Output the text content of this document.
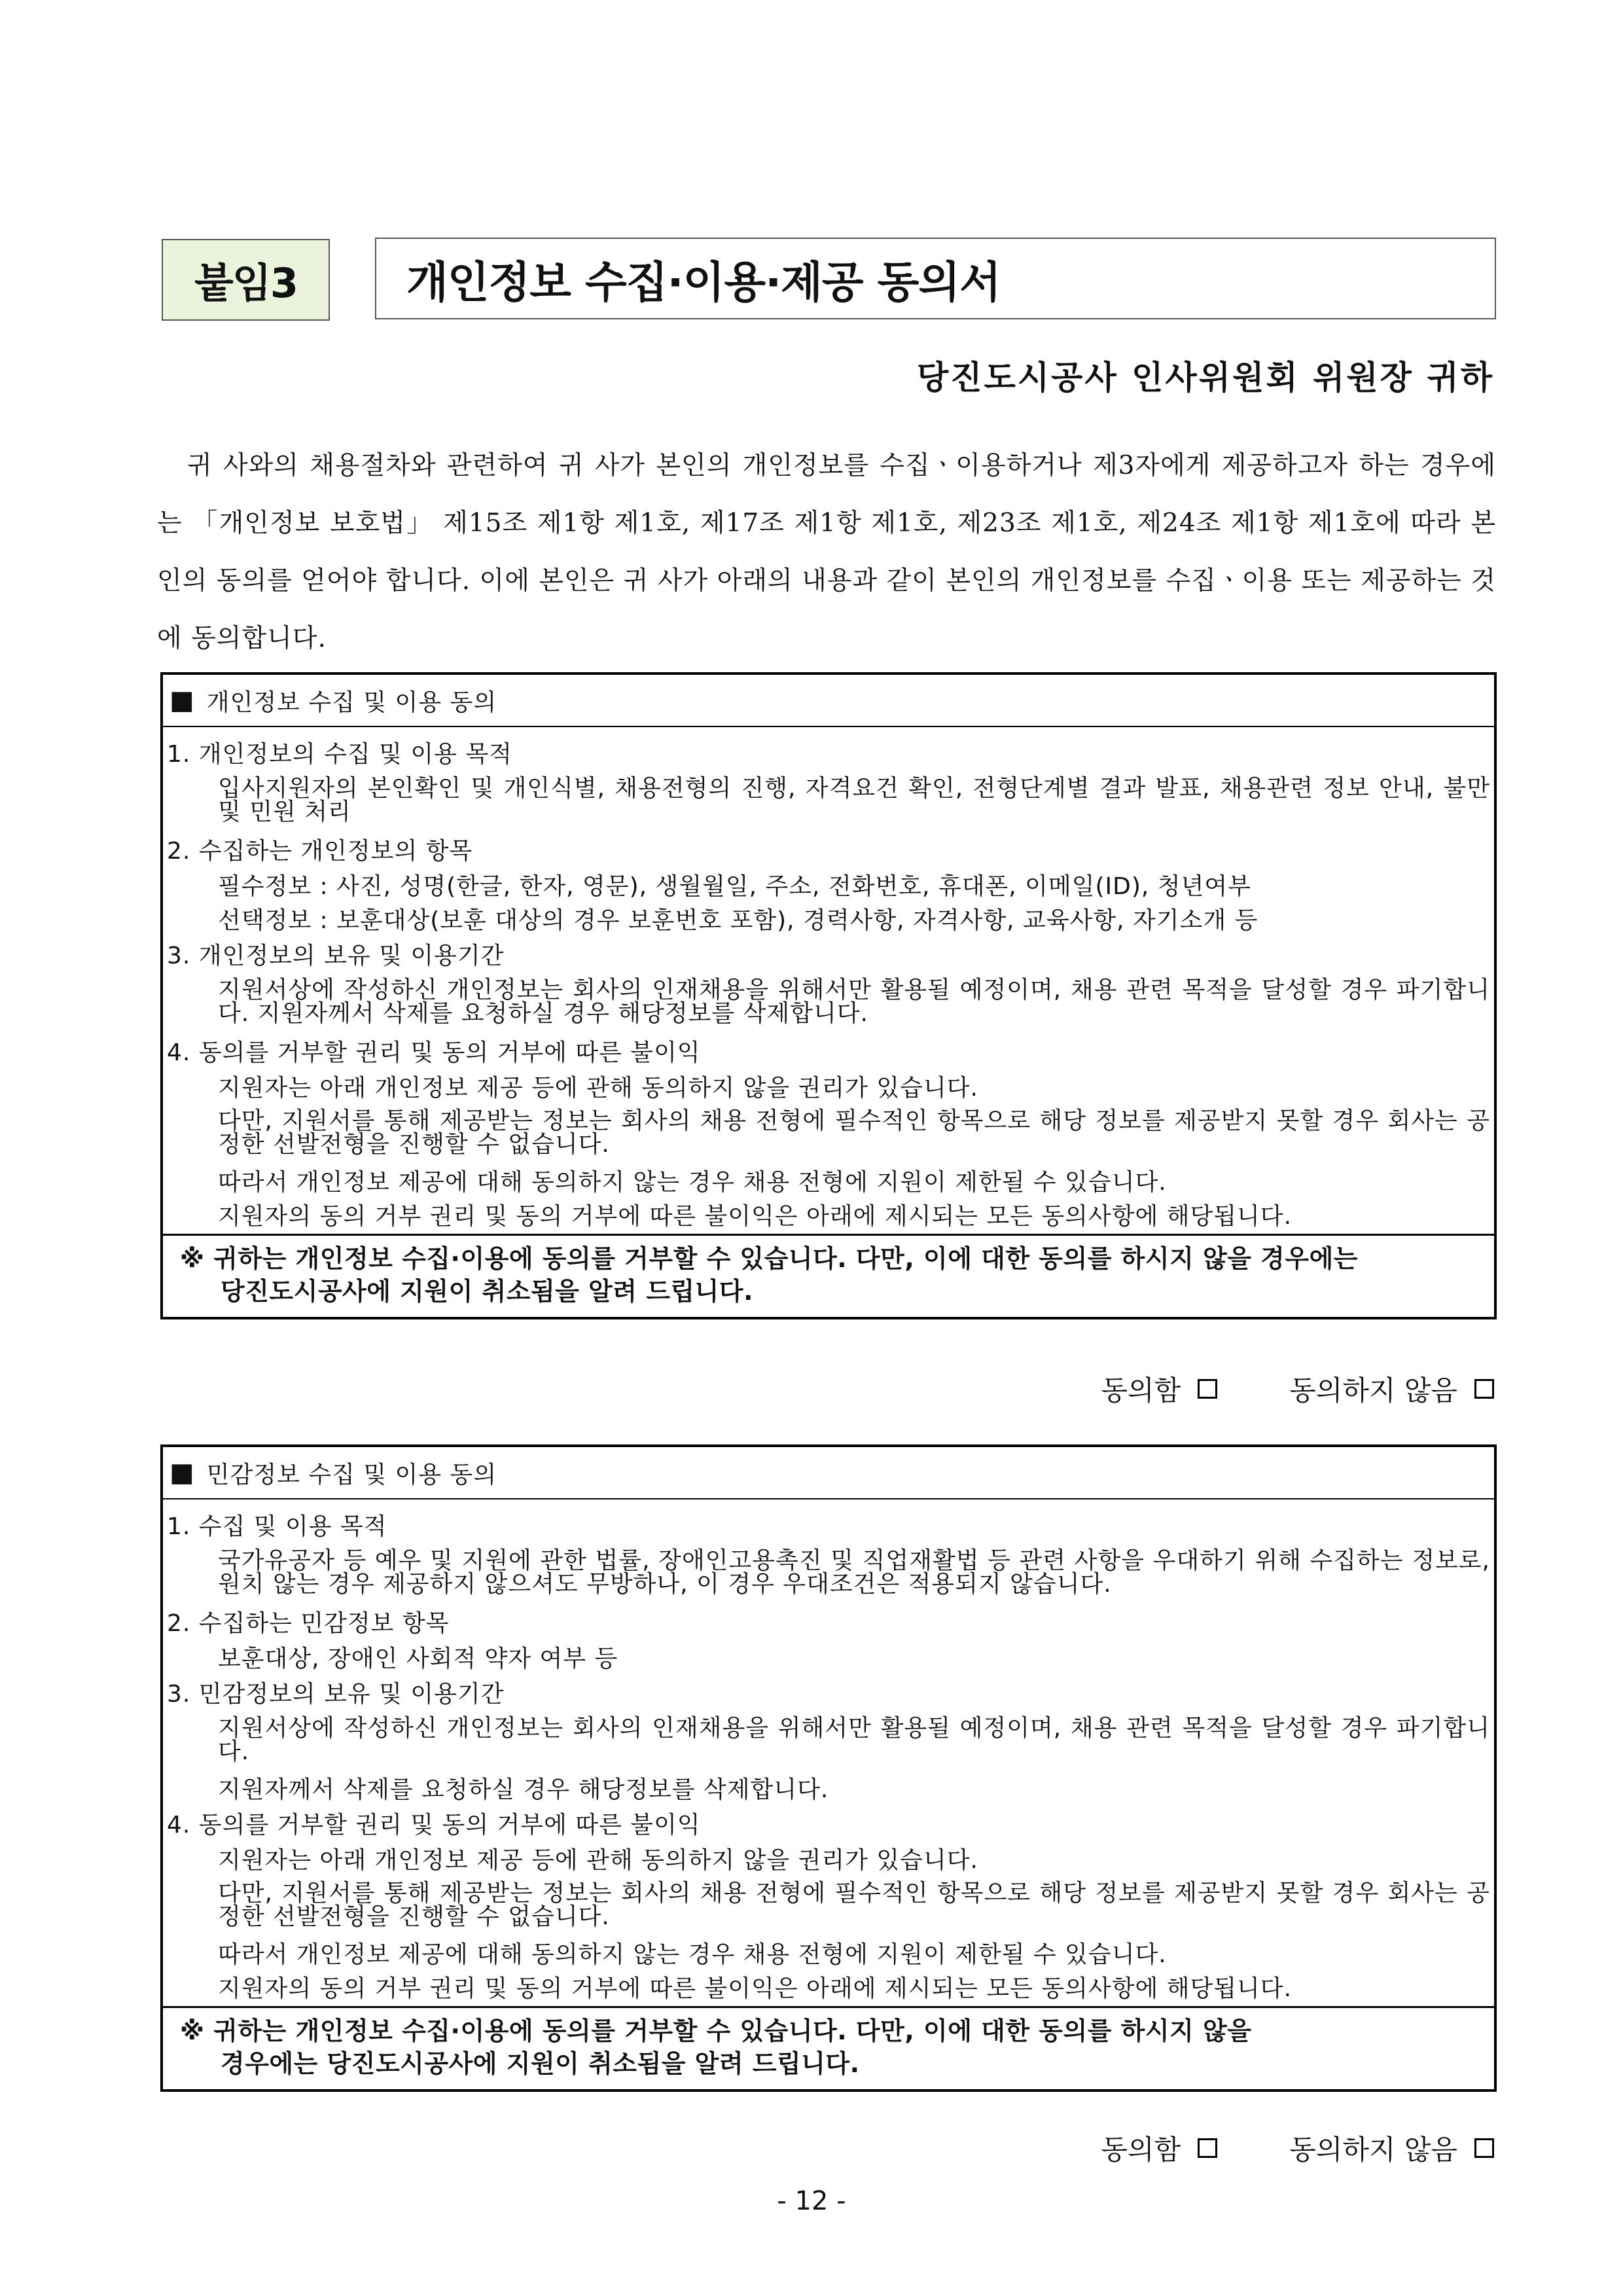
붙임3	개인정보 수집·이용·제공 동의서
당진도시공사 인사위원회 위원장 귀하
귀 사와의 채용절차와 관련하여 귀 사가 본인의 개인정보를 수집ㆍ이용하거나 제3자에게 제공하고자 하는 경우에는 「개인정보 보호법」 제15조 제1항 제1호, 제17조 제1항 제1호, 제23조 제1호, 제24조 제1항 제1호에 따라 본인의 동의를 얻어야 합니다. 이에 본인은 귀 사가 아래의 내용과 같이 본인의 개인정보를 수집ㆍ이용 또는 제공하는 것에 동의합니다.
■ 개인정보 수집 및 이용 동의
1. 개인정보의 수집 및 이용 목적
입사지원자의 본인확인 및 개인식별, 채용전형의 진행, 자격요건 확인, 전형단계별 결과 발표, 채용관련 정보 안내, 불만 및 민원 처리
2. 수집하는 개인정보의 항목
필수정보 : 사진, 성명(한글, 한자, 영문), 생월월일, 주소, 전화번호, 휴대폰, 이메일(ID), 청년여부
선택정보 : 보훈대상(보훈 대상의 경우 보훈번호 포함), 경력사항, 자격사항, 교육사항, 자기소개 등
3. 개인정보의 보유 및 이용기간
지원서상에 작성하신 개인정보는 회사의 인재채용을 위해서만 활용될 예정이며, 채용 관련 목적을 달성할 경우 파기합니다. 지원자께서 삭제를 요청하실 경우 해당정보를 삭제합니다.
4. 동의를 거부할 권리 및 동의 거부에 따른 불이익
지원자는 아래 개인정보 제공 등에 관해 동의하지 않을 권리가 있습니다.
다만, 지원서를 통해 제공받는 정보는 회사의 채용 전형에 필수적인 항목으로 해당 정보를 제공받지 못할 경우 회사는 공정한 선발전형을 진행할 수 없습니다.
따라서 개인정보 제공에 대해 동의하지 않는 경우 채용 전형에 지원이 제한될 수 있습니다.
지원자의 동의 거부 권리 및 동의 거부에 따른 불이익은 아래에 제시되는 모든 동의사항에 해당됩니다.
※ 귀하는 개인정보 수집·이용에 동의를 거부할 수 있습니다. 다만, 이에 대한 동의를 하시지 않을 경우에는
당진도시공사에 지원이 취소됨을 알려 드립니다.
동의함	동의하지 않음
■ 민감정보 수집 및 이용 동의
1. 수집 및 이용 목적
국가유공자 등 예우 및 지원에 관한 법률, 장애인고용촉진 및 직업재활법 등 관련 사항을 우대하기 위해 수집하는 정보로, 원치 않는 경우 제공하지 않으셔도 무방하나, 이 경우 우대조건은 적용되지 않습니다.
2. 수집하는 민감정보 항목
보훈대상, 장애인 사회적 약자 여부 등
3. 민감정보의 보유 및 이용기간
지원서상에 작성하신 개인정보는 회사의 인재채용을 위해서만 활용될 예정이며, 채용 관련 목적을 달성할 경우 파기합니다.
지원자께서 삭제를 요청하실 경우 해당정보를 삭제합니다.
4. 동의를 거부할 권리 및 동의 거부에 따른 불이익
지원자는 아래 개인정보 제공 등에 관해 동의하지 않을 권리가 있습니다.
다만, 지원서를 통해 제공받는 정보는 회사의 채용 전형에 필수적인 항목으로 해당 정보를 제공받지 못할 경우 회사는 공정한 선발전형을 진행할 수 없습니다.
따라서 개인정보 제공에 대해 동의하지 않는 경우 채용 전형에 지원이 제한될 수 있습니다.
지원자의 동의 거부 권리 및 동의 거부에 따른 불이익은 아래에 제시되는 모든 동의사항에 해당됩니다.
※ 귀하는 개인정보 수집·이용에 동의를 거부할 수 있습니다. 다만, 이에 대한 동의를 하시지 않을
경우에는 당진도시공사에 지원이 취소됨을 알려 드립니다.
동의함	동의하지 않음
- 12 -
